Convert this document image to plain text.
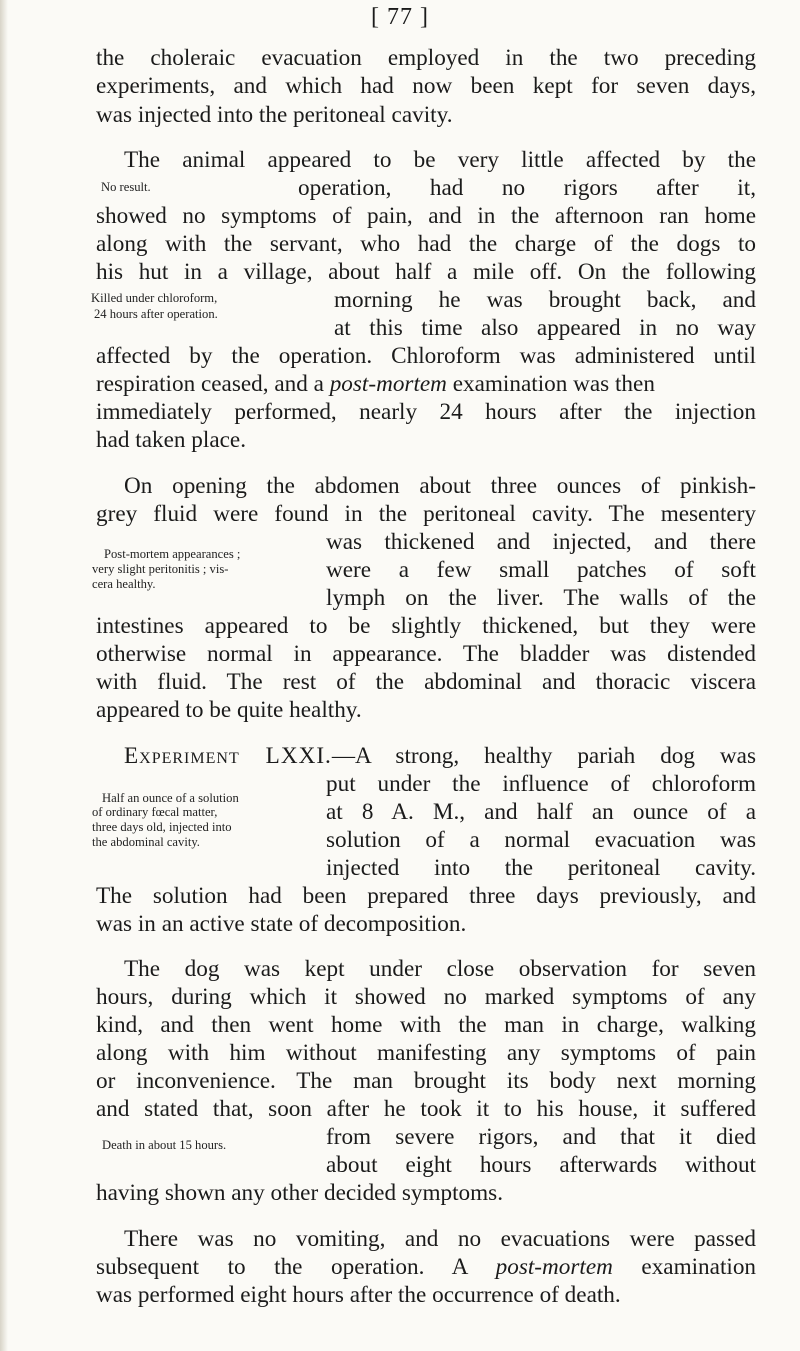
[ 77 ]
the choleraic evacuation employed in the two preceding
experiments, and which had now been kept for seven days,
was injected into the peritoneal cavity.
The animal appeared to be very little affected by the
No result.	operation, had no rigors after it,
showed no symptoms of pain, and in the afternoon ran home
along with the servant, who had the charge of the dogs to
his hut in a village, about half a mile off. On the following
Killed under chloroform,
24 hours after operation.
morning he was brought back, and
at this time also appeared in no way
affected by the operation. Chloroform was administered until
respiration ceased, and a post-mortem examination was then
immediately performed, nearly 24 hours after the injection
had taken place.
On opening the abdomen about three ounces of pinkish-
grey fluid were found in the peritoneal cavity. The mesentery
was thickened and injected, and there
Post-mortem appearances ;
very slight peritonitis ; vis-
cera healthy.
were a few small patches of soft
lymph on the liver. The walls of the
intestines appeared to be slightly thickened, but they were
otherwise normal in appearance. The bladder was distended
with fluid. The rest of the abdominal and thoracic viscera
appeared to be quite healthy.
Experiment LXXI.—A strong, healthy pariah dog was
put under the influence of chloroform
Half an ounce of a solution
of ordinary fœcal matter,
three days old, injected into
the abdominal cavity.
at 8 A. M., and half an ounce of a
solution of a normal evacuation was
injected into the peritoneal cavity.
The solution had been prepared three days previously, and
was in an active state of decomposition.
The dog was kept under close observation for seven
hours, during which it showed no marked symptoms of any
kind, and then went home with the man in charge, walking
along with him without manifesting any symptoms of pain
or inconvenience. The man brought its body next morning
and stated that, soon after he took it to his house, it suffered
from severe rigors, and that it died
Death in about 15 hours.
about eight hours afterwards without
having shown any other decided symptoms.
There was no vomiting, and no evacuations were passed
subsequent to the operation. A post-mortem examination
was performed eight hours after the occurrence of death.
